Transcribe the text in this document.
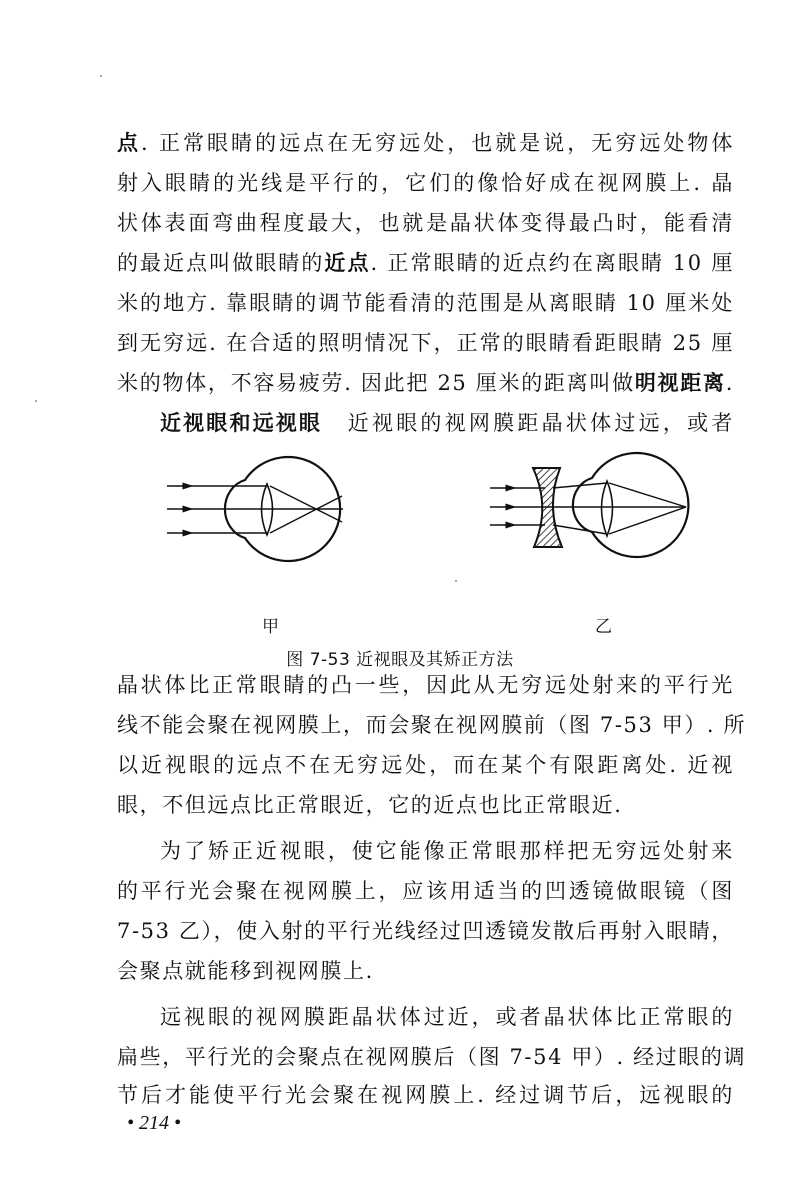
点. 正常眼睛的远点在无穷远处，也就是说，无穷远处物体
射入眼睛的光线是平行的，它们的像恰好成在视网膜上. 晶
状体表面弯曲程度最大，也就是晶状体变得最凸时，能看清
的最近点叫做眼睛的近点. 正常眼睛的近点约在离眼睛 10 厘
米的地方. 靠眼睛的调节能看清的范围是从离眼睛 10 厘米处
到无穷远. 在合适的照明情况下，正常的眼睛看距眼睛 25 厘
米的物体，不容易疲劳. 因此把 25 厘米的距离叫做明视距离.
近视眼和远视眼 近视眼的视网膜距晶状体过远，或者
甲	乙
图 7-53 近视眼及其矫正方法
晶状体比正常眼睛的凸一些，因此从无穷远处射来的平行光
线不能会聚在视网膜上，而会聚在视网膜前（图 7-53 甲）. 所
以近视眼的远点不在无穷远处，而在某个有限距离处. 近视
眼，不但远点比正常眼近，它的近点也比正常眼近.
为了矫正近视眼，使它能像正常眼那样把无穷远处射来
的平行光会聚在视网膜上，应该用适当的凹透镜做眼镜（图
7-53 乙），使入射的平行光线经过凹透镜发散后再射入眼睛，
会聚点就能移到视网膜上.
远视眼的视网膜距晶状体过近，或者晶状体比正常眼的
扁些，平行光的会聚点在视网膜后（图 7-54 甲）. 经过眼的调
节后才能使平行光会聚在视网膜上. 经过调节后，远视眼的
• 214 •
